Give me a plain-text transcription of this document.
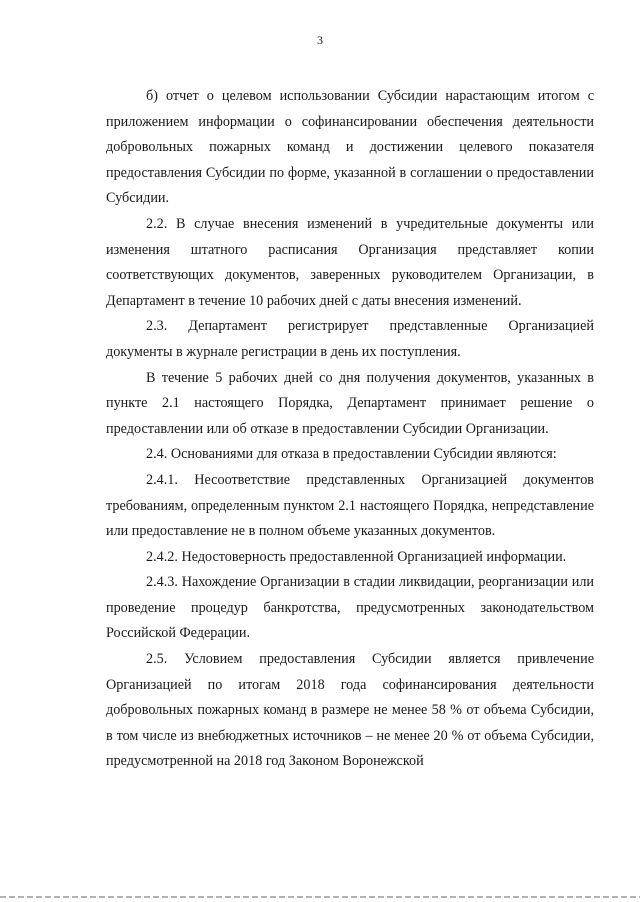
3

б) отчет о целевом использовании Субсидии нарастающим итогом с приложением информации о софинансировании обеспечения деятельности добровольных пожарных команд и достижении целевого показателя предоставления Субсидии по форме, указанной в соглашении о предоставлении Субсидии.

2.2. В случае внесения изменений в учредительные документы или изменения штатного расписания Организация представляет копии соответствующих документов, заверенных руководителем Организации, в Департамент в течение 10 рабочих дней с даты внесения изменений.

2.3. Департамент регистрирует представленные Организацией документы в журнале регистрации в день их поступления.

В течение 5 рабочих дней со дня получения документов, указанных в пункте 2.1 настоящего Порядка, Департамент принимает решение о предоставлении или об отказе в предоставлении Субсидии Организации.

2.4. Основаниями для отказа в предоставлении Субсидии являются:

2.4.1. Несоответствие представленных Организацией документов требованиям, определенным пунктом 2.1 настоящего Порядка, непредставление или предоставление не в полном объеме указанных документов.

2.4.2. Недостоверность предоставленной Организацией информации.

2.4.3. Нахождение Организации в стадии ликвидации, реорганизации или проведение процедур банкротства, предусмотренных законодательством Российской Федерации.

2.5. Условием предоставления Субсидии является привлечение Организацией по итогам 2018 года софинансирования деятельности добровольных пожарных команд в размере не менее 58 % от объема Субсидии, в том числе из внебюджетных источников – не менее 20 % от объема Субсидии, предусмотренной на 2018 год Законом Воронежской
